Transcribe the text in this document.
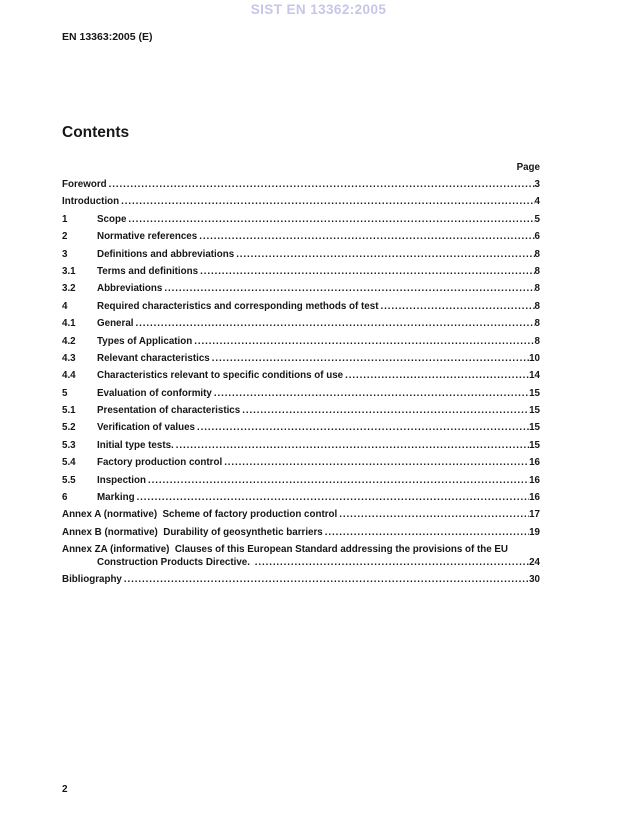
SIST EN 13362:2005
EN 13363:2005 (E)
Contents
Page
Foreword .....	3
Introduction .....	4
1	Scope .....	5
2	Normative references .....	6
3	Definitions and abbreviations .....	8
3.1	Terms and definitions .....	8
3.2	Abbreviations .....	8
4	Required characteristics and corresponding methods of test .....	8
4.1	General .....	8
4.2	Types of Application .....	8
4.3	Relevant characteristics .....	10
4.4	Characteristics relevant to specific conditions of use .....	14
5	Evaluation of conformity .....	15
5.1	Presentation of characteristics .....	15
5.2	Verification of values .....	15
5.3	Initial type tests. .....	15
5.4	Factory production control .....	16
5.5	Inspection .....	16
6	Marking .....	16
Annex A (normative)  Scheme of factory production control .....	17
Annex B (normative)  Durability of geosynthetic barriers .....	19
Annex ZA (informative)  Clauses of this European Standard addressing the provisions of the EU
Construction Products Directive. .....	24
Bibliography .....	30
2
